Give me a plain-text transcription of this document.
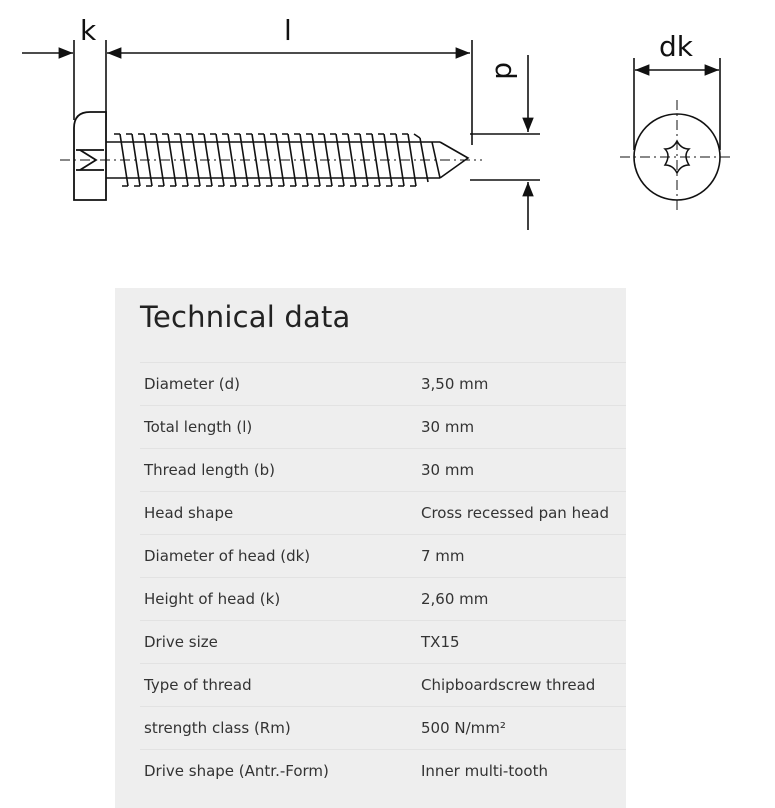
k	l
d
dk
Technical data
Diameter (d)	3,50 mm
Total length (l)	30 mm
Thread length (b)	30 mm
Head shape	Cross recessed pan head
Diameter of head (dk)	7 mm
Height of head (k)	2,60 mm
Drive size	TX15
Type of thread	Chipboardscrew thread
strength class (Rm)	500 N/mm²
Drive shape (Antr.-Form)	Inner multi-tooth
